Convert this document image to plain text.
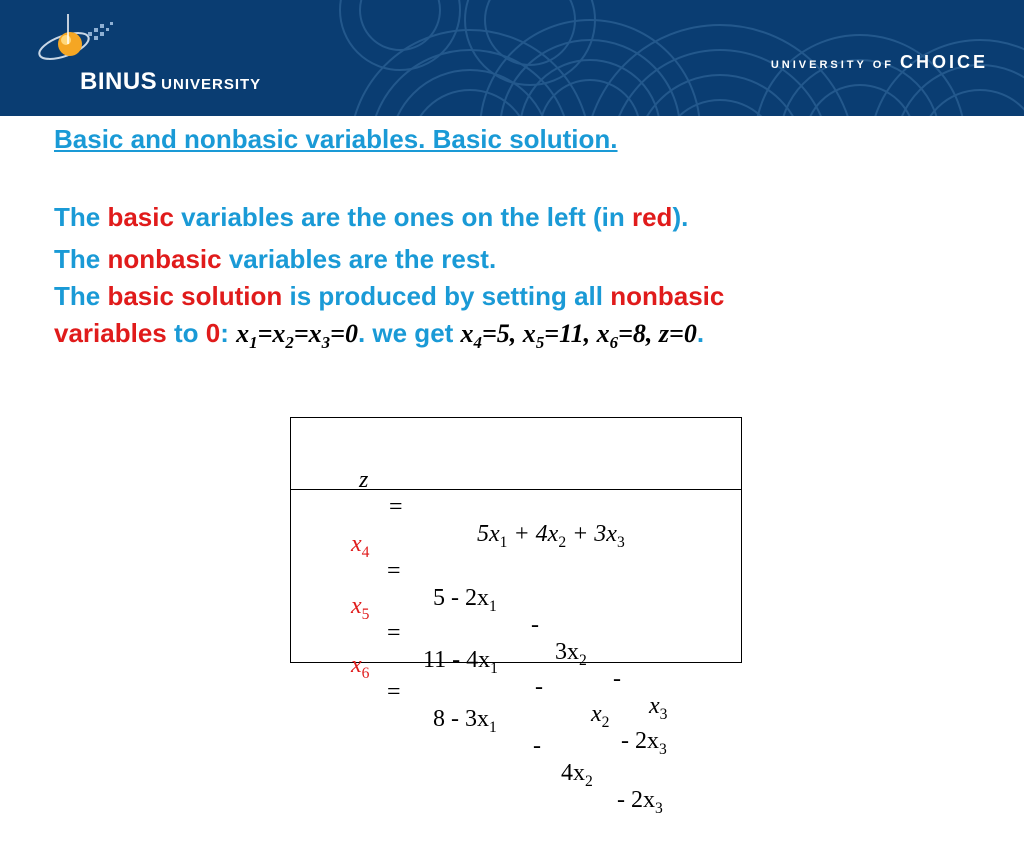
BINUS UNIVERSITY
UNIVERSITY OF CHOICE
Basic and nonbasic variables. Basic solution.
The basic variables are the ones on the left (in red).
The nonbasic variables are the rest.
The basic solution is produced by setting all nonbasic
variables to 0: $x_1=x_2=x_3=0$. we get $x_4=5$, $x_5=11$, $x_6=8$, z=0.

z

=

$5x_1 + 4x_2 + 3x_3$

$x_4$

=

$5 - 2x_1$

-

$3x_2$

-

$x_3$

$x_5$

=

$11 - 4x_1$

-

$x_2$

- $2x_3$

$x_6$

=

$8 - 3x_1$

-

$4x_2$

- $2x_3$
